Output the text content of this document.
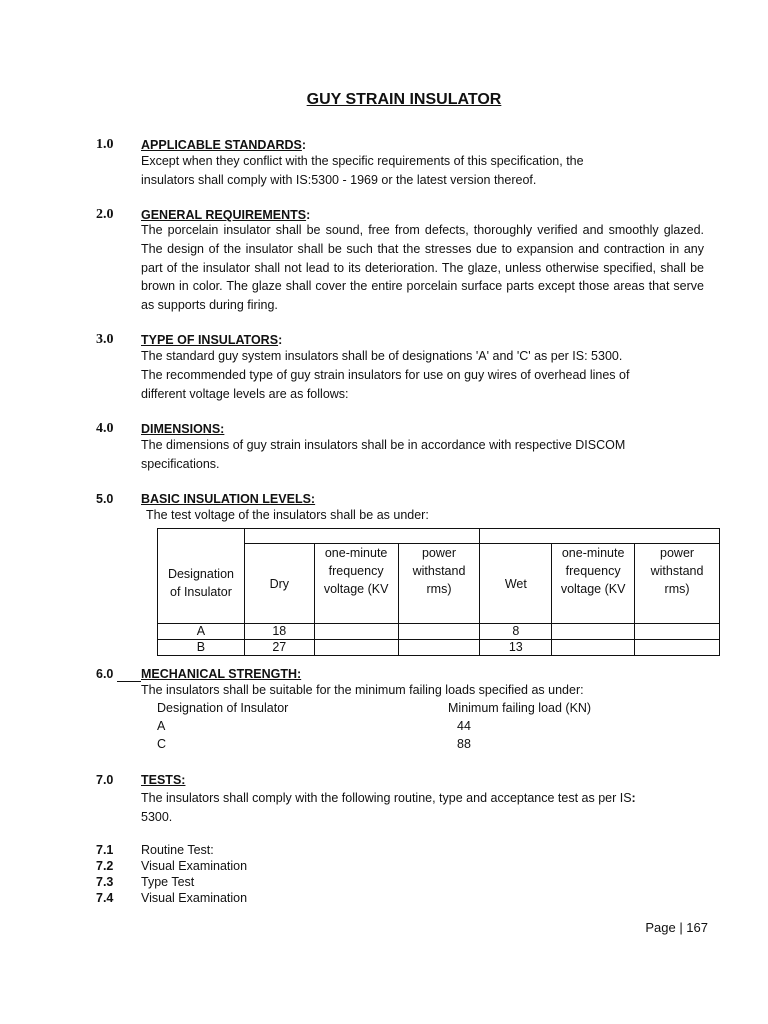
GUY STRAIN INSULATOR
1.0 APPLICABLE STANDARDS:
Except when they conflict with the specific requirements of this specification, the
insulators shall comply with IS:5300 - 1969 or the latest version thereof.
2.0 GENERAL REQUIREMENTS:
The porcelain insulator shall be sound, free from defects, thoroughly verified and smoothly glazed. The design of the insulator shall be such that the stresses due to expansion and contraction in any part of the insulator shall not lead to its deterioration. The glaze, unless otherwise specified, shall be brown in color. The glaze shall cover the entire porcelain surface parts except those areas that serve as supports during firing.
3.0 TYPE OF INSULATORS:
The standard guy system insulators shall be of designations 'A' and 'C' as per IS: 5300.
The recommended type of guy strain insulators for use on guy wires of overhead lines of
different voltage levels are as follows:
4.0 DIMENSIONS:
The dimensions of guy strain insulators shall be in accordance with respective DISCOM
specifications.
5.0 BASIC INSULATION LEVELS:
The test voltage of the insulators shall be as under:

Designation of Insulator	Dry	one-minute frequency voltage (KV	power withstand rms)	Wet	one-minute frequency voltage (KV	power withstand rms)
A	18			8		
B	27			13		
6.0 MECHANICAL STRENGTH:
The insulators shall be suitable for the minimum failing loads specified as under:
Designation of Insulator	Minimum failing load (KN)
A	44
C	88
7.0 TESTS:
The insulators shall comply with the following routine, type and acceptance test as per IS:
5300.
7.1 Routine Test:
7.2 Visual Examination
7.3 Type Test
7.4 Visual Examination
Page | 167
